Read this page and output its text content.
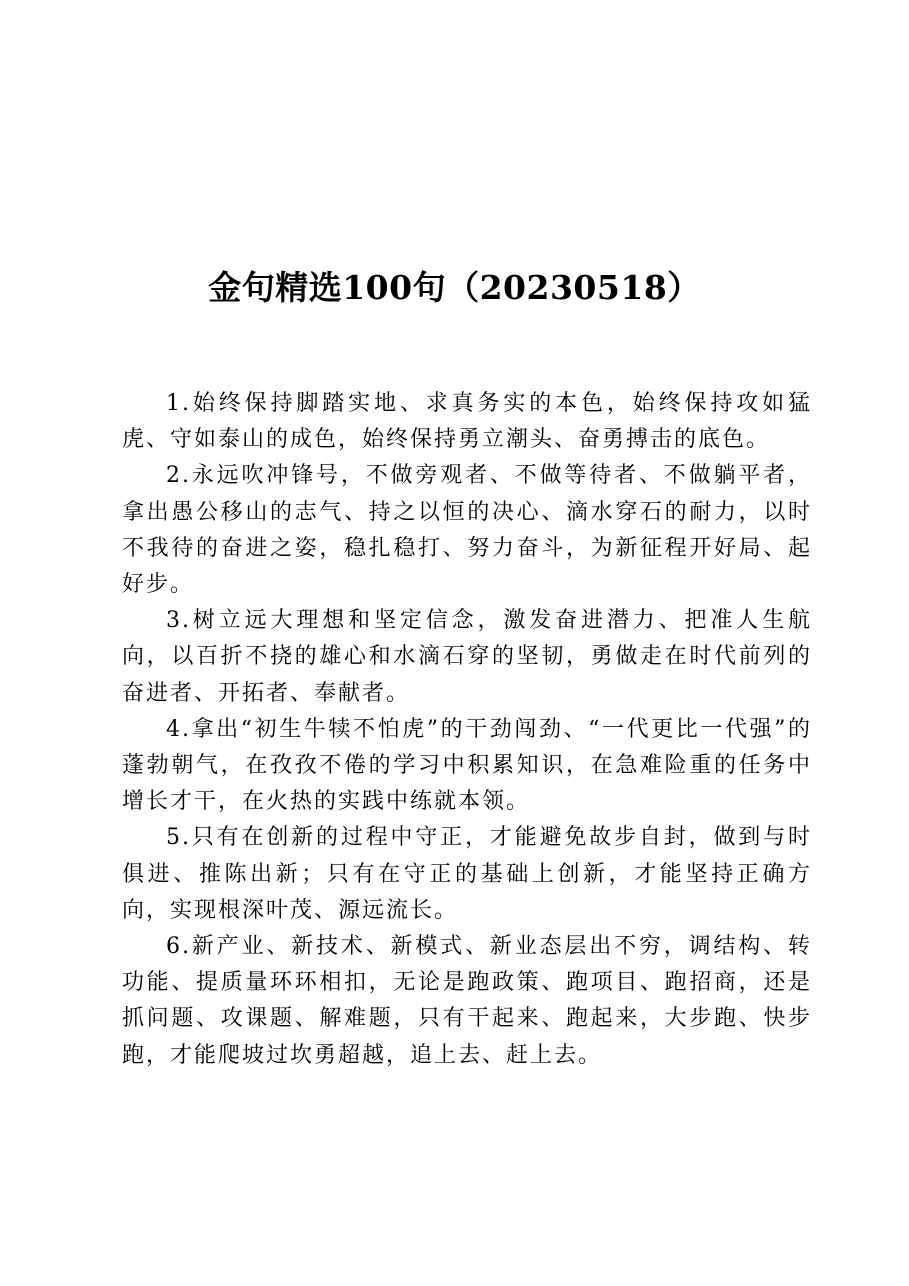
金句精选100句（20230518）

1.始终保持脚踏实地、求真务实的本色，始终保持攻如猛虎、守如泰山的成色，始终保持勇立潮头、奋勇搏击的底色。

2.永远吹冲锋号，不做旁观者、不做等待者、不做躺平者，拿出愚公移山的志气、持之以恒的决心、滴水穿石的耐力，以时不我待的奋进之姿，稳扎稳打、努力奋斗，为新征程开好局、起好步。

3.树立远大理想和坚定信念，激发奋进潜力、把准人生航向，以百折不挠的雄心和水滴石穿的坚韧，勇做走在时代前列的奋进者、开拓者、奉献者。

4.拿出“初生牛犊不怕虎”的干劲闯劲、“一代更比一代强”的蓬勃朝气，在孜孜不倦的学习中积累知识，在急难险重的任务中增长才干，在火热的实践中练就本领。

5.只有在创新的过程中守正，才能避免故步自封，做到与时俱进、推陈出新；只有在守正的基础上创新，才能坚持正确方向，实现根深叶茂、源远流长。

6.新产业、新技术、新模式、新业态层出不穷，调结构、转功能、提质量环环相扣，无论是跑政策、跑项目、跑招商，还是抓问题、攻课题、解难题，只有干起来、跑起来，大步跑、快步跑，才能爬坡过坎勇超越，追上去、赶上去。
